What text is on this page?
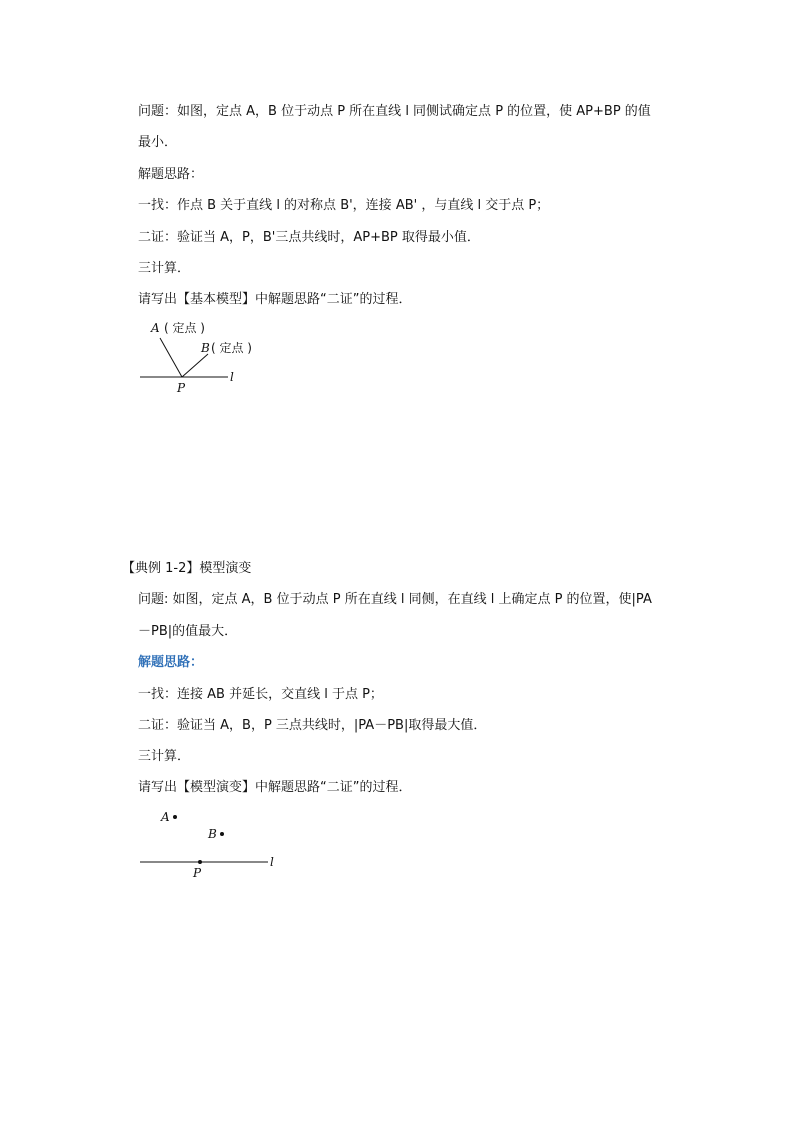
问题：如图，定点 A，B 位于动点 P 所在直线 l 同侧试确定点 P 的位置，使 AP+BP 的值
最小．
解题思路：
一找：作点 B 关于直线 l 的对称点 B'，连接 AB' ，与直线 l 交于点 P；
二证：验证当 A，P，B'三点共线时，AP+BP 取得最小值．
三计算．
请写出【基本模型】中解题思路“二证”的过程．
A ( 定点 )
B ( 定点 )
P
l
【典例 1-2】模型演变
问题: 如图，定点 A，B 位于动点 P 所在直线 l 同侧，在直线 l 上确定点 P 的位置，使|PA
－PB|的值最大．
解题思路：
一找：连接 AB 并延长，交直线 l 于点 P；
二证：验证当 A，B，P 三点共线时，|PA－PB|取得最大值．
三计算．
请写出【模型演变】中解题思路“二证”的过程．
A
B
P
l
